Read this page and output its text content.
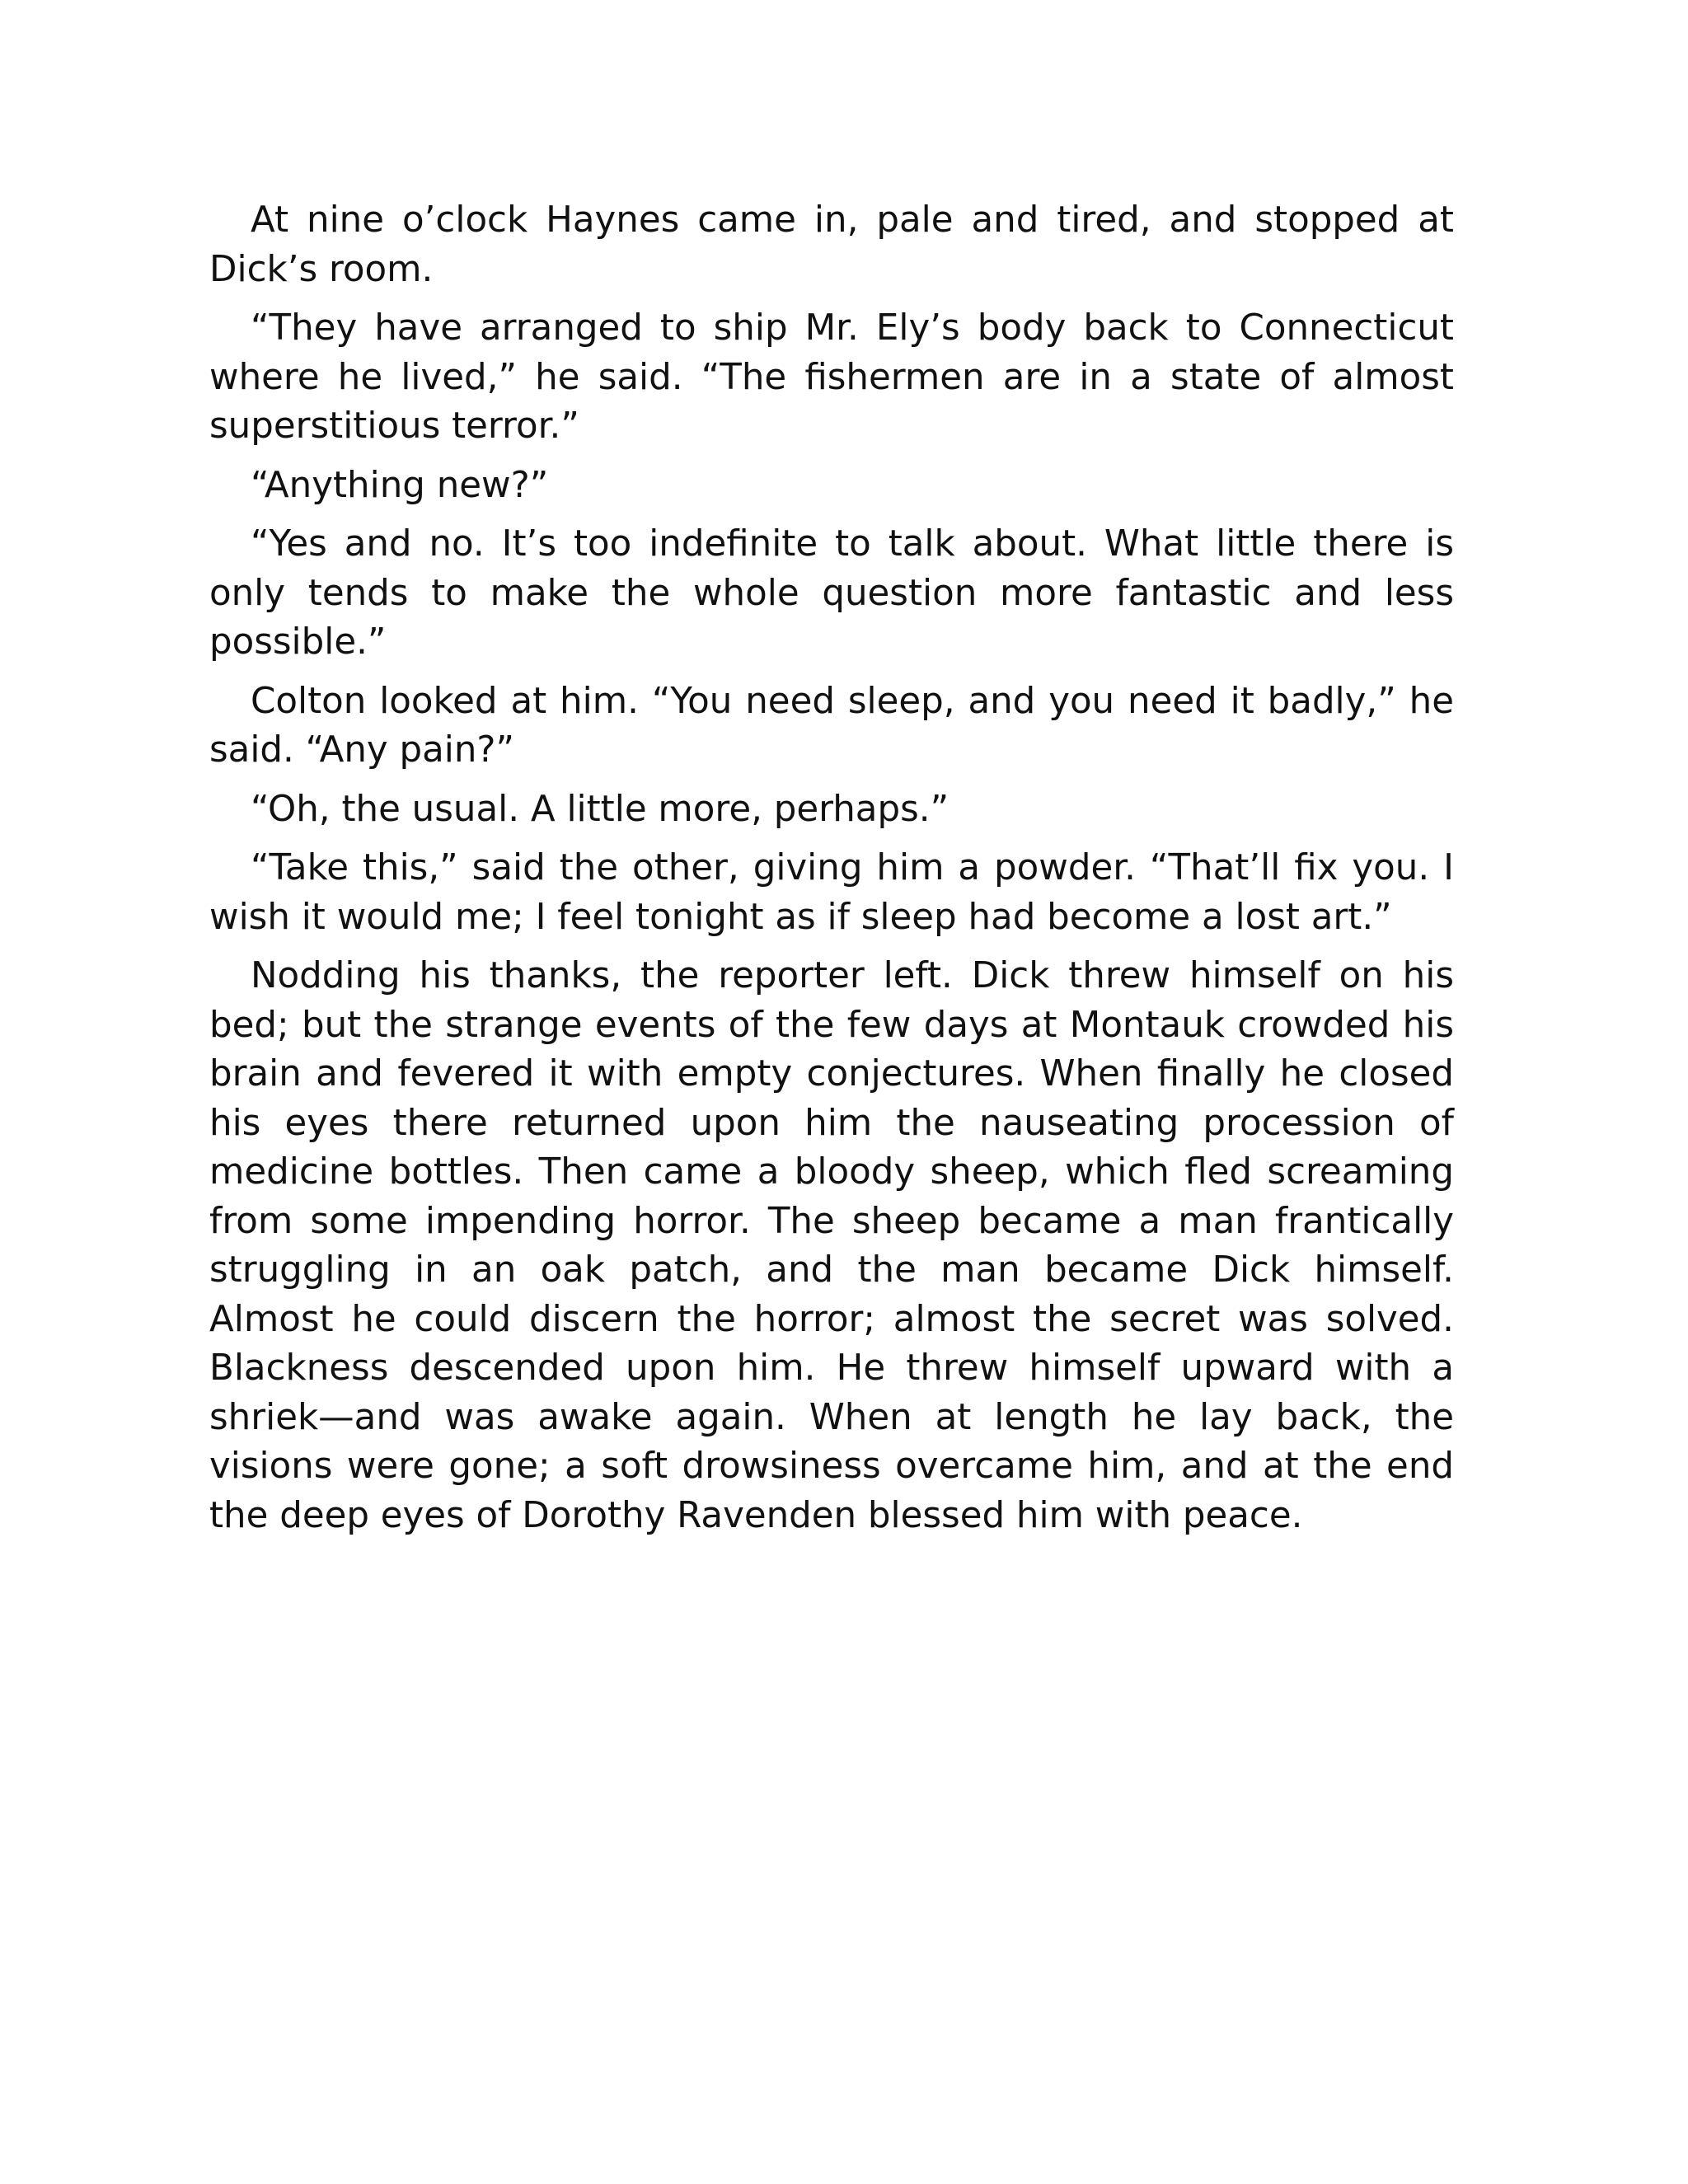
At nine o’clock Haynes came in, pale and tired, and stopped at Dick’s room.

“They have arranged to ship Mr. Ely’s body back to Connecticut where he lived,” he said. “The fishermen are in a state of almost superstitious terror.”

“Anything new?”

“Yes and no. It’s too indefinite to talk about. What little there is only tends to make the whole question more fantastic and less possible.”

Colton looked at him. “You need sleep, and you need it badly,” he said. “Any pain?”

“Oh, the usual. A little more, perhaps.”

“Take this,” said the other, giving him a powder. “That’ll fix you. I wish it would me; I feel tonight as if sleep had become a lost art.”

Nodding his thanks, the reporter left. Dick threw himself on his bed; but the strange events of the few days at Montauk crowded his brain and fevered it with empty conjectures. When finally he closed his eyes there returned upon him the nauseating procession of medicine bottles. Then came a bloody sheep, which fled screaming from some impending horror. The sheep became a man frantically struggling in an oak patch, and the man became Dick himself. Almost he could discern the horror; almost the secret was solved. Blackness descended upon him. He threw himself upward with a shriek—and was awake again. When at length he lay back, the visions were gone; a soft drowsiness overcame him, and at the end the deep eyes of Dorothy Ravenden blessed him with peace.
